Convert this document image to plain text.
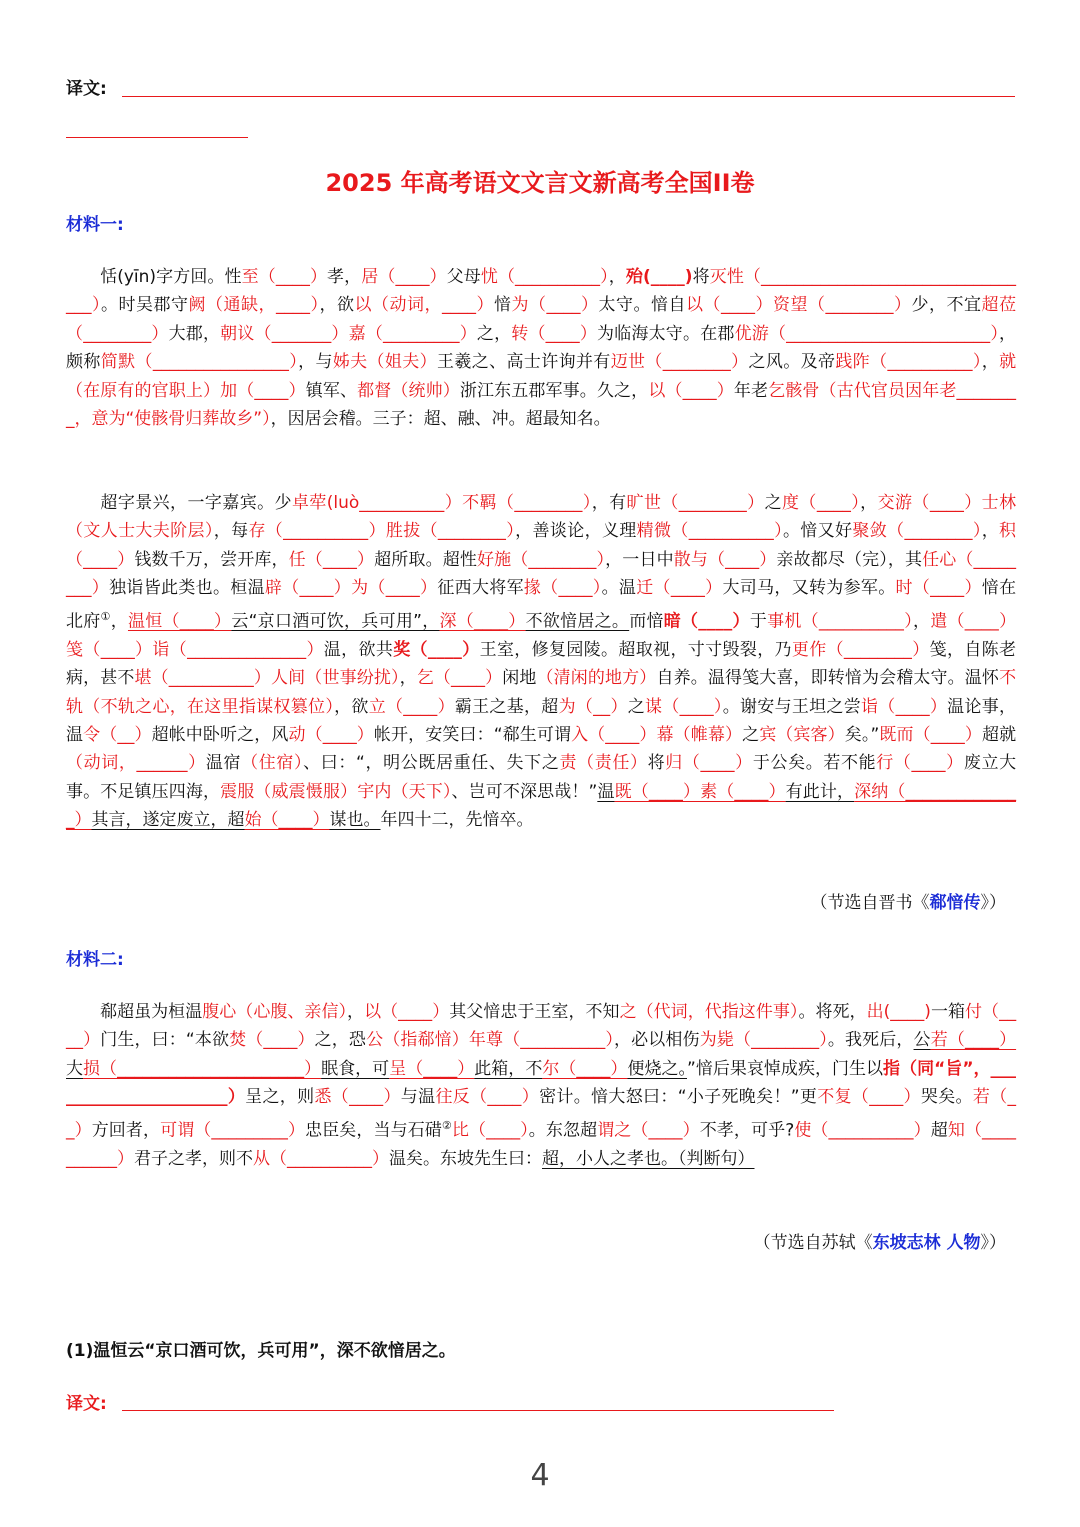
译文:
2025 年高考语文文言文新高考全国II卷
材料一:
恬(yīn)字方回。性至（____）孝，居（____）父母忧（__________），殆(____)将灭性（_________________________________）。时吴郡守阙（通缺，____），欲以（动词，____）愔为（____）太守。愔自以（____）资望（________）少，不宜超莅（________）大郡，朝议（_______）嘉（_________）之，转（____）为临海太守。在郡优游（________________________），颇称简默（________________），与姊夫（姐夫）王羲之、高士许询并有迈世（________）之风。及帝践阼（__________），就（在原有的官职上）加（____）镇军、都督（统帅）浙江东五郡军事。久之，以（____）年老乞骸骨（古代官员因年老________，意为“使骸骨归葬故乡”），因居会稽。三子：超、融、冲。超最知名。
超字景兴，一字嘉宾。少卓荦(luò__________）不羁（________），有旷世（________）之度（____），交游（____）士林（文人士大夫阶层），每存（__________）胜拔（________），善谈论，义理精微（__________）。愔又好聚敛（________），积（____）钱数千万，尝开库，任（____）超所取。超性好施（________），一日中散与（____）亲故都尽（完），其任心（________）独诣皆此类也。桓温辟（____）为（____）征西大将军掾（____）。温迁（____）大司马，又转为参军。时（____）愔在北府①，温恒（____）云“京口酒可饮，兵可用”，深（____）不欲愔居之。而愔暗（____）于事机（__________），遣（____）笺（____）诣（______________）温，欲共奖（____）王室，修复园陵。超取视，寸寸毁裂，乃更作（________）笺，自陈老病，甚不堪（__________）人间（世事纷扰），乞（____）闲地（清闲的地方）自养。温得笺大喜，即转愔为会稽太守。温怀不轨（不轨之心，在这里指谋权篡位），欲立（____）霸王之基，超为（__）之谋（____）。谢安与王坦之尝诣（____）温论事，温令（__）超帐中卧听之，风动（____）帐开，安笑曰：“郗生可谓入（____）幕（帷幕）之宾（宾客）矣。”既而（____）超就（动词，______）温宿（住宿）、曰：“，明公既居重任、失下之责（责任）将归（____）于公矣。若不能行（____）废立大事。不足镇压四海，震服（威震慑服）宇内（天下）、岂可不深思哉！”温既（____）素（____）有此计，深纳（______________）其言，遂定废立，超始（____）谋也。年四十二，先愔卒。
（节选自晋书《郗愔传》）
材料二:
郗超虽为桓温腹心（心腹、亲信），以（____）其父愔忠于王室，不知之（代词，代指这件事）。将死，出(____)一箱付（____）门生，曰：“本欲焚（____）之，恐公（指郗愔）年尊（__________），必以相伤为毙（________）。我死后，公若（____）大损（______________________）眠食，可呈（____）此箱，不尔（____）便烧之。”愔后果哀悼成疾，门生以指（同“旨”，______________________）呈之，则悉（____）与温往反（____）密计。愔大怒曰：“小子死晚矣！”更不复（____）哭矣。若（__）方回者，可谓（_________）忠臣矣，当与石碏②比（____）。东忽超谓之（____）不孝，可乎?使（__________）超知（__________）君子之孝，则不从（__________）温矣。东坡先生曰：超，小人之孝也。（判断句）
（节选自苏轼《东坡志林 人物》）
(1)温恒云“京口酒可饮，兵可用”，深不欲愔居之。
译文:
4
